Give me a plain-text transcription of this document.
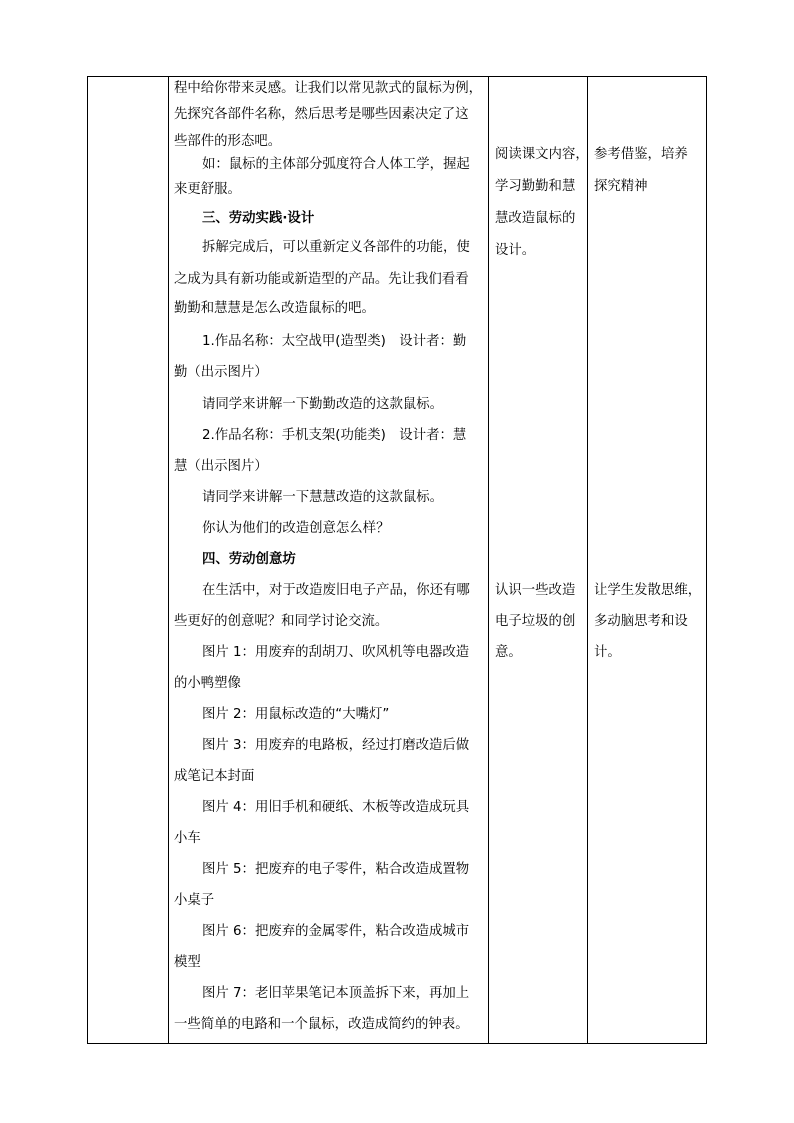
程中给你带来灵感。让我们以常见款式的鼠标为例，
先探究各部件名称，然后思考是哪些因素决定了这
些部件的形态吧。
如：鼠标的主体部分弧度符合人体工学，握起
来更舒服。
三、劳动实践·设计
拆解完成后，可以重新定义各部件的功能，使
之成为具有新功能或新造型的产品。先让我们看看
勤勤和慧慧是怎么改造鼠标的吧。
1.作品名称：太空战甲(造型类)　设计者：勤
勤（出示图片）
请同学来讲解一下勤勤改造的这款鼠标。
2.作品名称：手机支架(功能类)　设计者：慧
慧（出示图片）
请同学来讲解一下慧慧改造的这款鼠标。
你认为他们的改造创意怎么样？
四、劳动创意坊
在生活中，对于改造废旧电子产品，你还有哪
些更好的创意呢？和同学讨论交流。
图片 1：用废弃的刮胡刀、吹风机等电器改造
的小鸭塑像
图片 2：用鼠标改造的“大嘴灯”
图片 3：用废弃的电路板，经过打磨改造后做
成笔记本封面
图片 4：用旧手机和硬纸、木板等改造成玩具
小车
图片 5：把废弃的电子零件，粘合改造成置物
小桌子
图片 6：把废弃的金属零件，粘合改造成城市
模型
图片 7：老旧苹果笔记本顶盖拆下来，再加上
一些简单的电路和一个鼠标，改造成简约的钟表。
阅读课文内容，
学习勤勤和慧
慧改造鼠标的
设计。
认识一些改造
电子垃圾的创
意。
参考借鉴，培养
探究精神
让学生发散思维，
多动脑思考和设
计。
